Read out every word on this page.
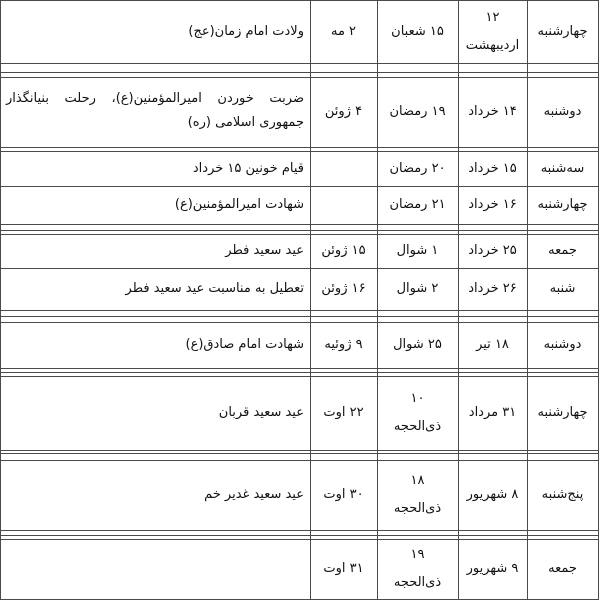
چهارشنبه
۱۲
اردیبهشت
۱۵ شعبان
۲ مه
ولادت امام زمان(عج)
دوشنبه
۱۴ خرداد
۱۹ رمضان
۴ ژوئن
ضربت خوردن امیرالمؤمنین(ع)، رحلت بنیانگذار جمهوری اسلامی (ره)
سه‌شنبه
۱۵ خرداد
۲۰ رمضان
قیام خونین ۱۵ خرداد
چهارشنبه
۱۶ خرداد
۲۱ رمضان
شهادت امیرالمؤمنین(ع)
جمعه
۲۵ خرداد
۱ شوال
۱۵ ژوئن
عید سعید فطر
شنبه
۲۶ خرداد
۲ شوال
۱۶ ژوئن
تعطیل به مناسبت عید سعید فطر
دوشنبه
۱۸ تیر
۲۵ شوال
۹ ژوئیه
شهادت امام صادق(ع)
چهارشنبه
۳۱ مرداد
۱۰
ذی‌الحجه
۲۲ اوت
عید سعید قربان
پنج‌شنبه
۸ شهریور
۱۸
ذی‌الحجه
۳۰ اوت
عید سعید غدیر خم
جمعه
۹ شهریور
۱۹
ذی‌الحجه
۳۱ اوت
